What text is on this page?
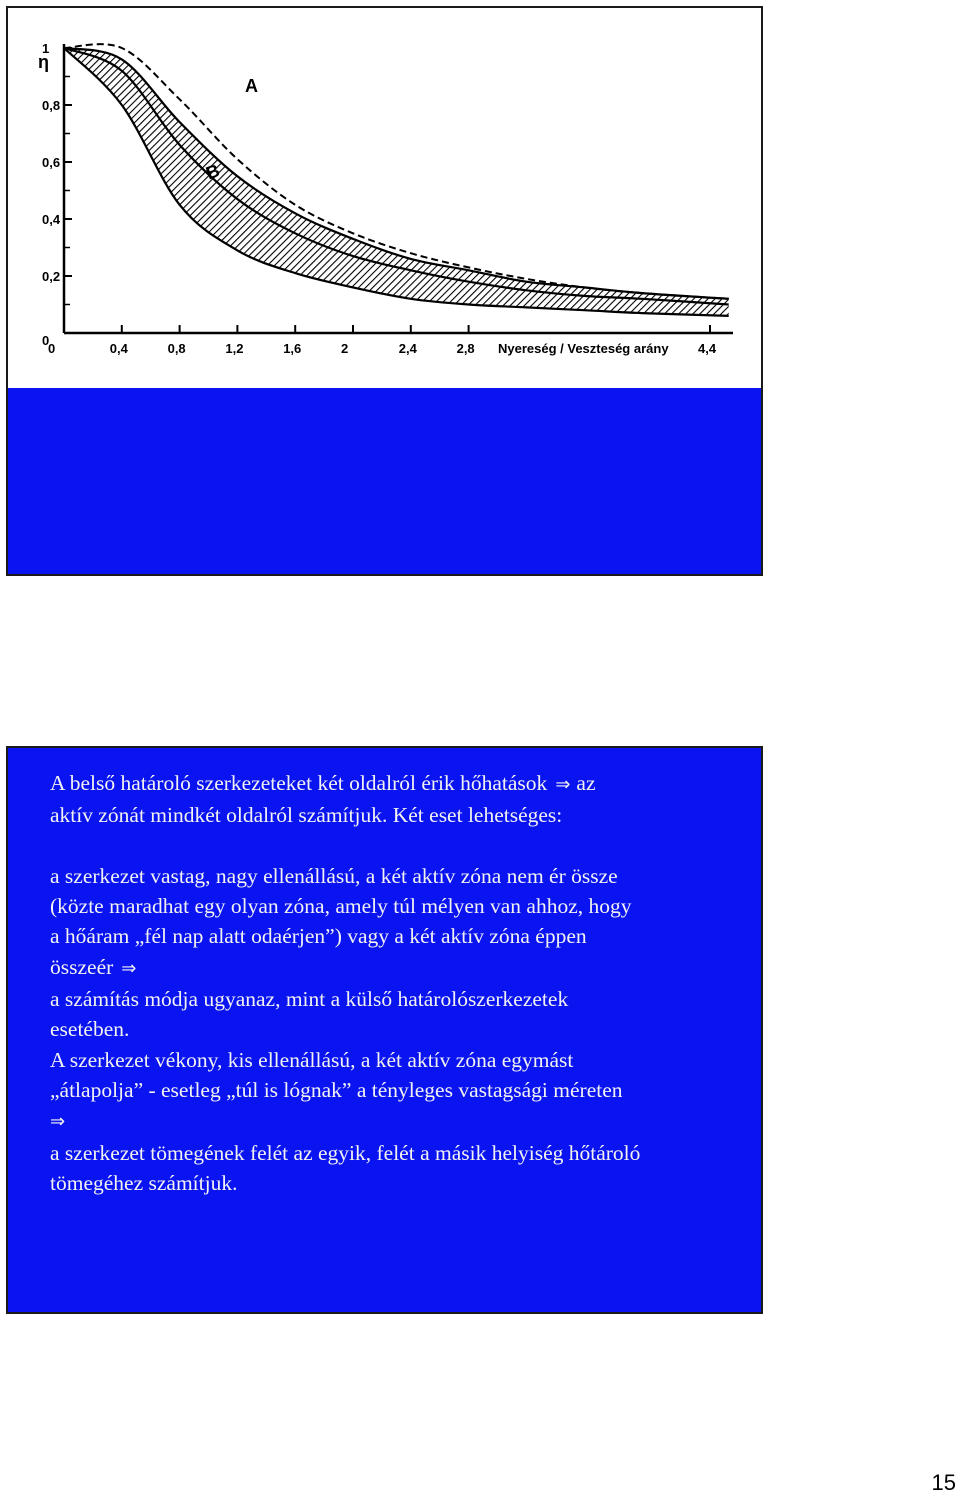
0
0,2
0,4
0,6
0,8
1
η
0,4	0,8	1,2	1,6	2	2,4	2,8	4,4
0	Nyereség / Veszteség arány
A
B

A belső határoló szerkezeteket két oldalról érik hőhatások ⇒ az

aktív zónát mindkét oldalról számítjuk. Két eset lehetséges:

a szerkezet vastag, nagy ellenállású, a két aktív zóna nem ér össze

(közte maradhat egy olyan zóna, amely túl mélyen van ahhoz, hogy

a hőáram „fél nap alatt odaérjen”) vagy a két aktív zóna éppen

összeér ⇒

a számítás módja ugyanaz, mint a külső határolószerkezetek

esetében.

A szerkezet vékony, kis ellenállású, a két aktív zóna egymást

„átlapolja” - esetleg „túl is lógnak” a tényleges vastagsági méreten

⇒

a szerkezet tömegének felét az egyik, felét a másik helyiség hőtároló

tömegéhez számítjuk.

15
